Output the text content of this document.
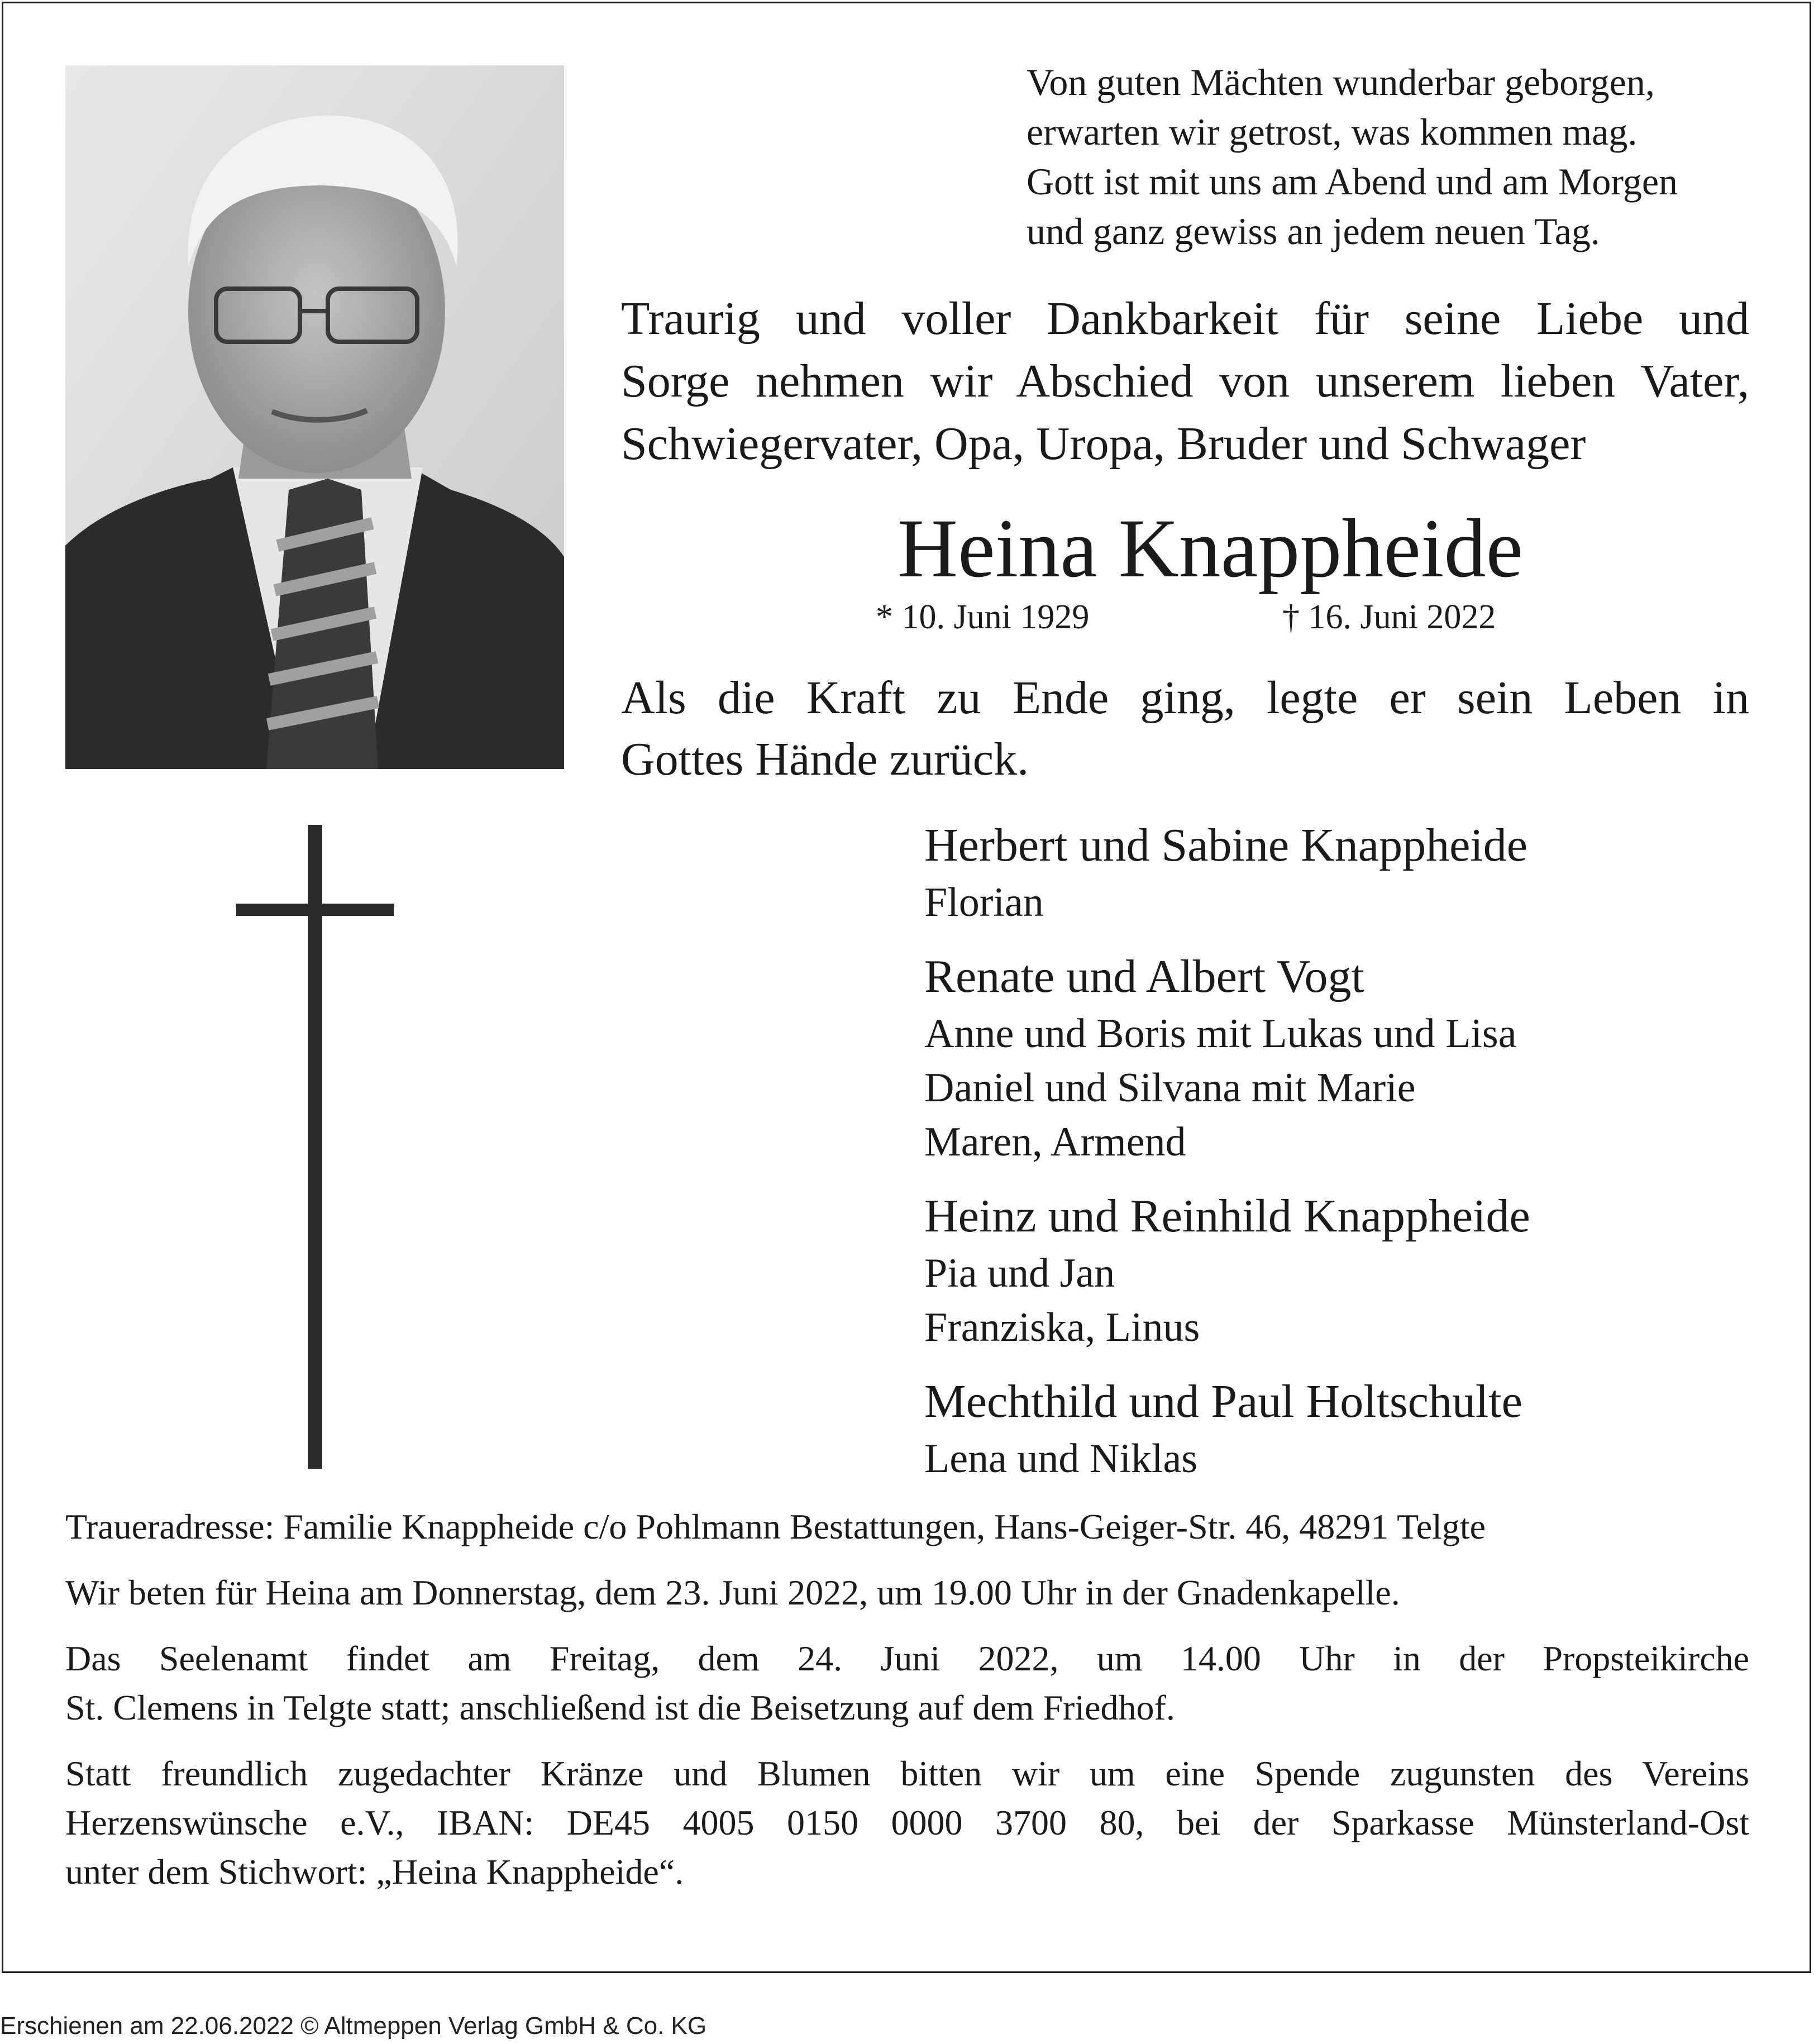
Von guten Mächten wunderbar geborgen,
erwarten wir getrost, was kommen mag.
Gott ist mit uns am Abend und am Morgen
und ganz gewiss an jedem neuen Tag.
Traurig und voller Dankbarkeit für seine Liebe und
Sorge nehmen wir Abschied von unserem lieben Vater,
Schwiegervater, Opa, Uropa, Bruder und Schwager
Heina Knappheide
* 10. Juni 1929	† 16. Juni 2022
Als die Kraft zu Ende ging, legte er sein Leben in
Gottes Hände zurück.
Herbert und Sabine Knappheide
Florian
Renate und Albert Vogt
Anne und Boris mit Lukas und Lisa
Daniel und Silvana mit Marie
Maren, Armend
Heinz und Reinhild Knappheide
Pia und Jan
Franziska, Linus
Mechthild und Paul Holtschulte
Lena und Niklas

Traueradresse: Familie Knappheide c/o Pohlmann Bestattungen, Hans-Geiger-Str. 46, 48291 Telgte

Wir beten für Heina am Donnerstag, dem 23. Juni 2022, um 19.00 Uhr in der Gnadenkapelle.

Das Seelenamt findet am Freitag, dem 24. Juni 2022, um 14.00 Uhr in der Propsteikirche
St. Clemens in Telgte statt; anschließend ist die Beisetzung auf dem Friedhof.

Statt freundlich zugedachter Kränze und Blumen bitten wir um eine Spende zugunsten des Vereins
Herzenswünsche e.V., IBAN: DE45 4005 0150 0000 3700 80, bei der Sparkasse Münsterland-Ost
unter dem Stichwort: „Heina Knappheide“.

Erschienen am 22.06.2022 © Altmeppen Verlag GmbH & Co. KG
